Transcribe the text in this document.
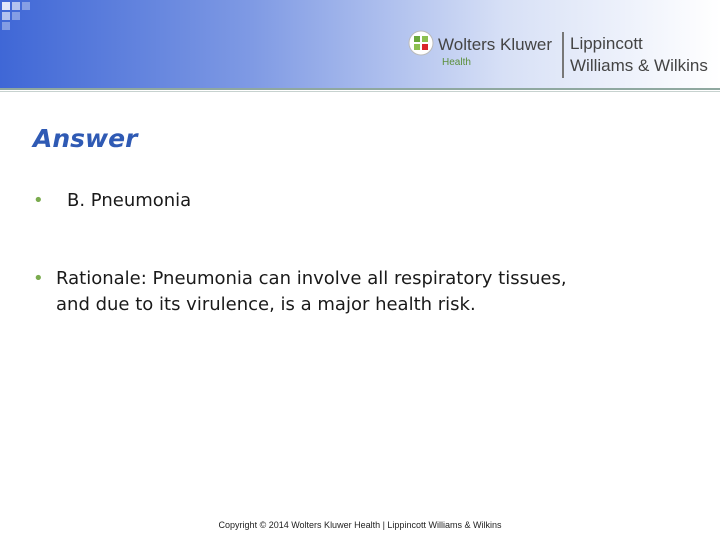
Wolters Kluwer
Health
Lippincott
Williams & Wilkins
Answer
• B. Pneumonia
• Rationale: Pneumonia can involve all respiratory tissues,
and due to its virulence, is a major health risk.
Copyright © 2014 Wolters Kluwer Health | Lippincott Williams & Wilkins
